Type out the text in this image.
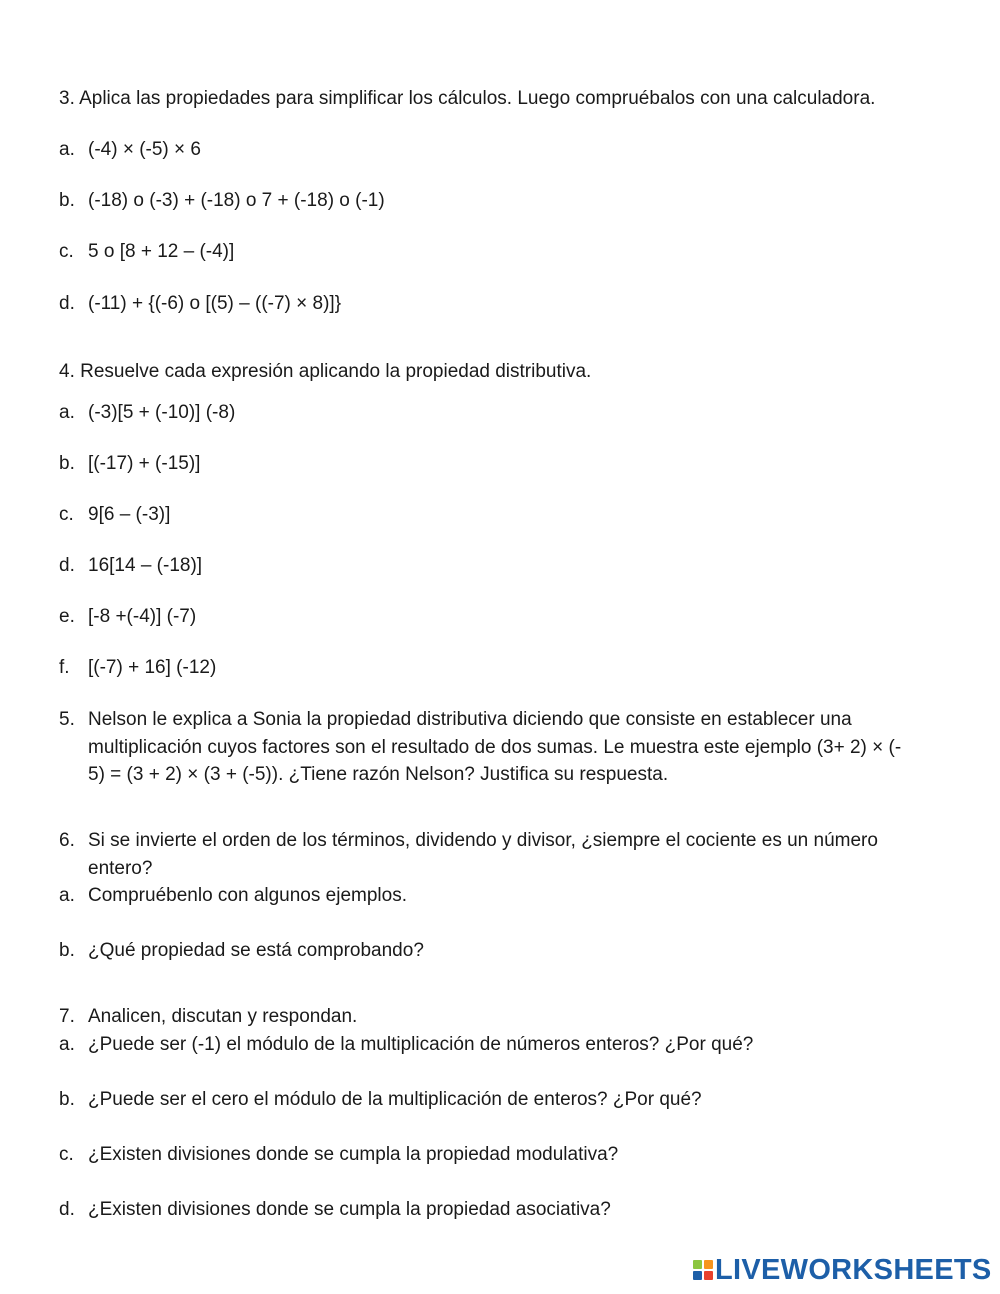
3. Aplica las propiedades para simplificar los cálculos. Luego compruébalos con una calculadora.
a. (-4) × (-5) × 6
b. (-18) o (-3) + (-18) o 7 + (-18) o (-1)
c. 5 o [8 + 12 – (-4)]
d. (-11) + {(-6) o [(5) – ((-7) × 8)]}
4. Resuelve cada expresión aplicando la propiedad distributiva.
a. (-3)[5 + (-10)] (-8)
b. [(-17) + (-15)]
c. 9[6 – (-3)]
d. 16[14 – (-18)]
e. [-8 +(-4)] (-7)
f. [(-7) + 16] (-12)
5. Nelson le explica a Sonia la propiedad distributiva diciendo que consiste en establecer una
multiplicación cuyos factores son el resultado de dos sumas. Le muestra este ejemplo (3+ 2) × (-
5) = (3 + 2) × (3 + (-5)). ¿Tiene razón Nelson? Justifica su respuesta.
6. Si se invierte el orden de los términos, dividendo y divisor, ¿siempre el cociente es un número
entero?
a. Compruébenlo con algunos ejemplos.
b. ¿Qué propiedad se está comprobando?
7. Analicen, discutan y respondan.
a. ¿Puede ser (-1) el módulo de la multiplicación de números enteros? ¿Por qué?
b. ¿Puede ser el cero el módulo de la multiplicación de enteros? ¿Por qué?
c. ¿Existen divisiones donde se cumpla la propiedad modulativa?
d. ¿Existen divisiones donde se cumpla la propiedad asociativa?
LIVEWORKSHEETS
